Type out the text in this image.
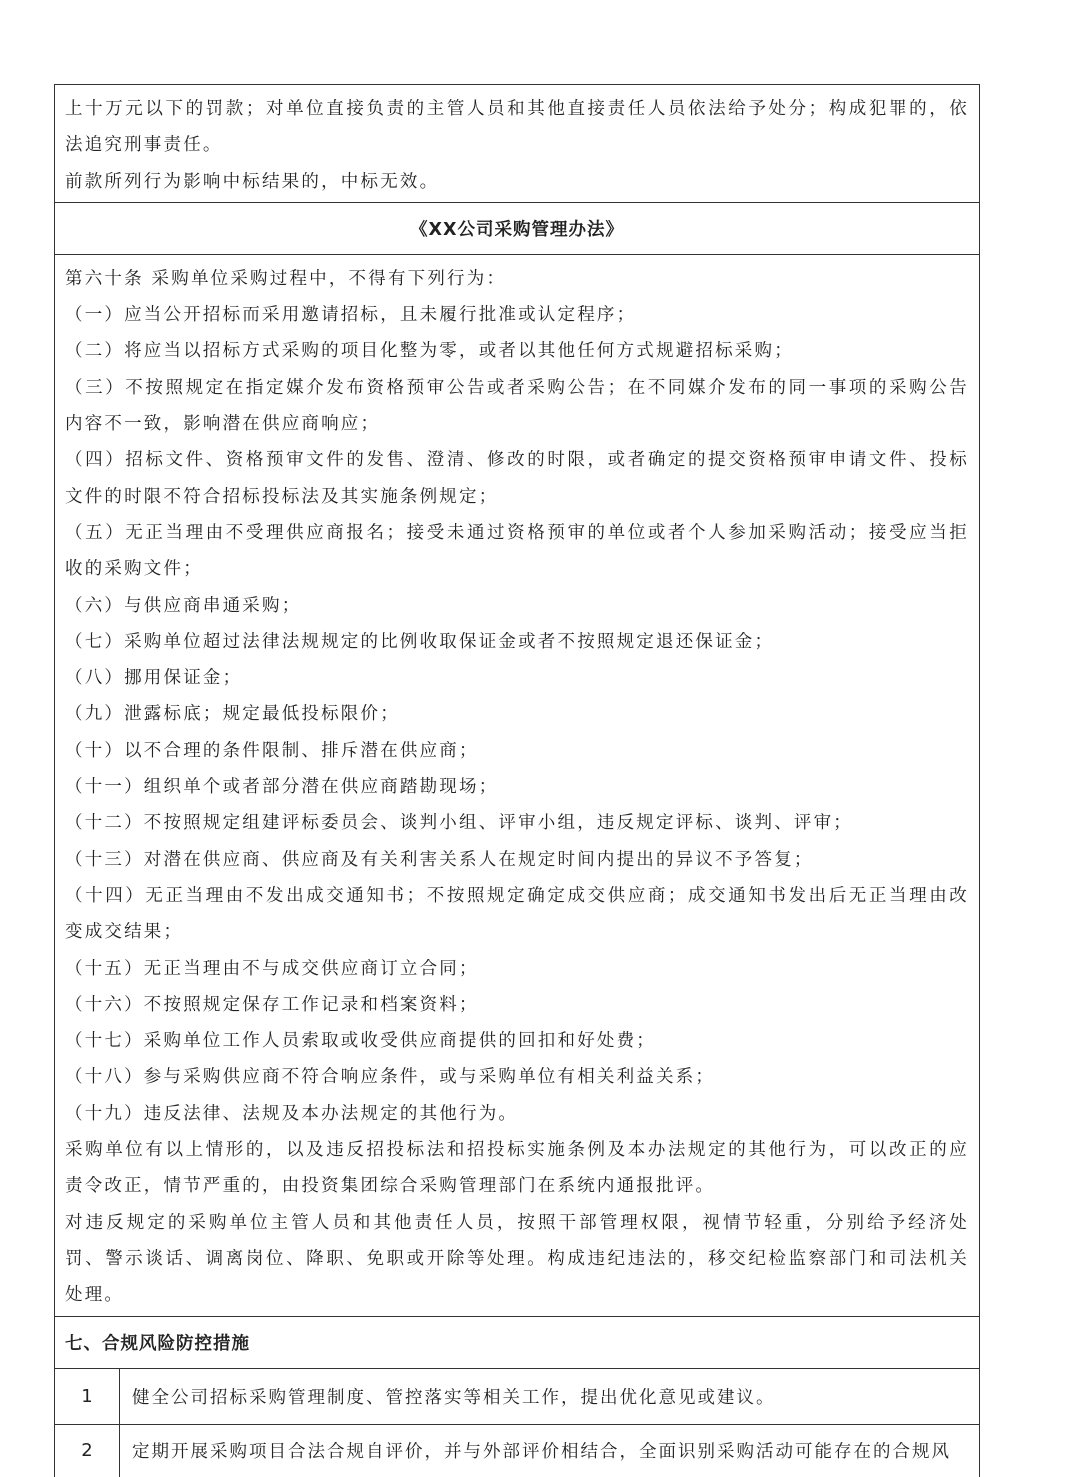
上十万元以下的罚款；对单位直接负责的主管人员和其他直接责任人员依法给予处分；构成犯罪的，依法追究刑事责任。
前款所列行为影响中标结果的，中标无效。
《XX公司采购管理办法》
第六十条 采购单位采购过程中，不得有下列行为：
（一）应当公开招标而采用邀请招标，且未履行批准或认定程序；
（二）将应当以招标方式采购的项目化整为零，或者以其他任何方式规避招标采购；
（三）不按照规定在指定媒介发布资格预审公告或者采购公告；在不同媒介发布的同一事项的采购公告内容不一致，影响潜在供应商响应；
（四）招标文件、资格预审文件的发售、澄清、修改的时限，或者确定的提交资格预审申请文件、投标文件的时限不符合招标投标法及其实施条例规定；
（五）无正当理由不受理供应商报名；接受未通过资格预审的单位或者个人参加采购活动；接受应当拒收的采购文件；
（六）与供应商串通采购；
（七）采购单位超过法律法规规定的比例收取保证金或者不按照规定退还保证金；
（八）挪用保证金；
（九）泄露标底；规定最低投标限价；
（十）以不合理的条件限制、排斥潜在供应商；
（十一）组织单个或者部分潜在供应商踏勘现场；
（十二）不按照规定组建评标委员会、谈判小组、评审小组，违反规定评标、谈判、评审；
（十三）对潜在供应商、供应商及有关利害关系人在规定时间内提出的异议不予答复；
（十四）无正当理由不发出成交通知书；不按照规定确定成交供应商；成交通知书发出后无正当理由改变成交结果；
（十五）无正当理由不与成交供应商订立合同；
（十六）不按照规定保存工作记录和档案资料；
（十七）采购单位工作人员索取或收受供应商提供的回扣和好处费；
（十八）参与采购供应商不符合响应条件，或与采购单位有相关利益关系；
（十九）违反法律、法规及本办法规定的其他行为。
采购单位有以上情形的，以及违反招投标法和招投标实施条例及本办法规定的其他行为，可以改正的应责令改正，情节严重的，由投资集团综合采购管理部门在系统内通报批评。
对违反规定的采购单位主管人员和其他责任人员，按照干部管理权限，视情节轻重，分别给予经济处罚、警示谈话、调离岗位、降职、免职或开除等处理。构成违纪违法的，移交纪检监察部门和司法机关处理。
七、合规风险防控措施
1	健全公司招标采购管理制度、管控落实等相关工作，提出优化意见或建议。
2	定期开展采购项目合法合规自评价，并与外部评价相结合，全面识别采购活动可能存在的合规风
